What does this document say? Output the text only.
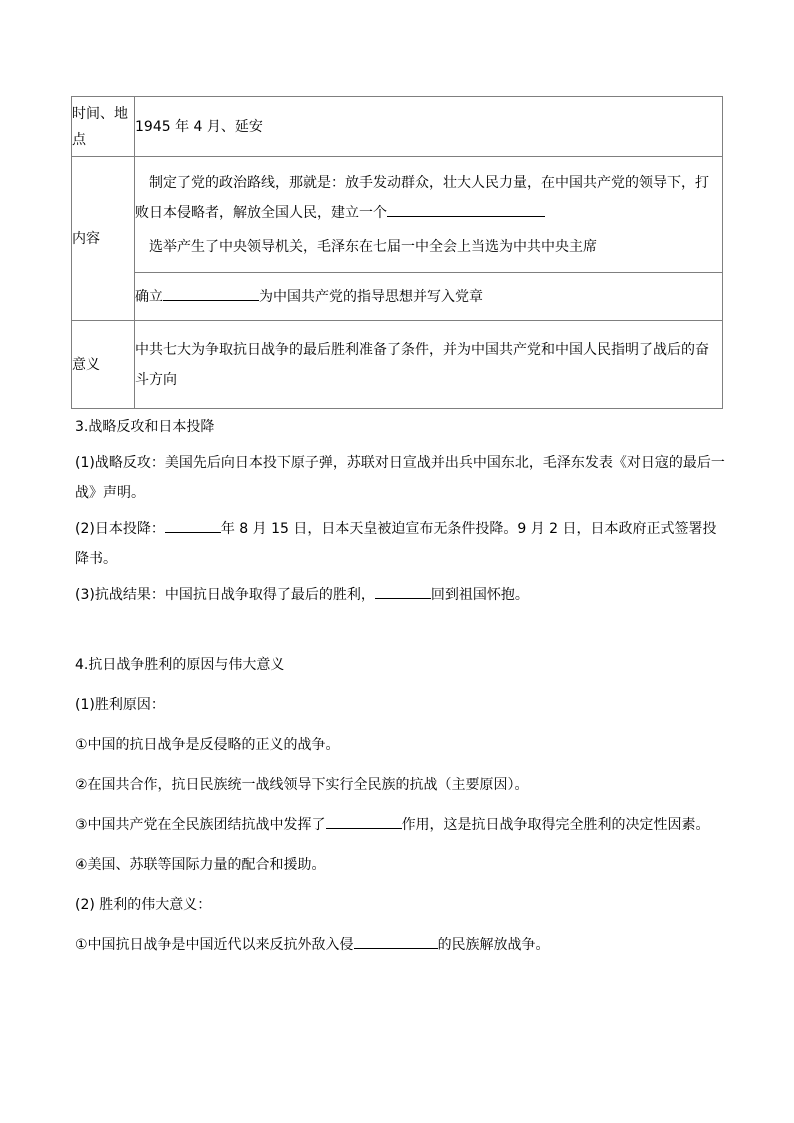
时间、地点	1945 年 4 月、延安
内容	制定了党的政治路线，那就是：放手发动群众，壮大人民力量，在中国共产党的领导下，打败日本侵略者，解放全国人民，建立一个
选举产生了中央领导机关，毛泽东在七届一中全会上当选为中共中央主席

	确立 为中国共产党的指导思想并写入党章
意义	中共七大为争取抗日战争的最后胜利准备了条件，并为中国共产党和中国人民指明了战后的奋斗方向

3.战略反攻和日本投降

(1)战略反攻：美国先后向日本投下原子弹，苏联对日宣战并出兵中国东北，毛泽东发表《对日寇的最后一战》声明。

(2)日本投降：	年 8 月 15 日，日本天皇被迫宣布无条件投降。9 月 2 日，日本政府正式签署投降书。

(3)抗战结果：中国抗日战争取得了最后的胜利，	回到祖国怀抱。

4.抗日战争胜利的原因与伟大意义

(1)胜利原因：

①中国的抗日战争是反侵略的正义的战争。

②在国共合作，抗日民族统一战线领导下实行全民族的抗战（主要原因）。

③中国共产党在全民族团结抗战中发挥了	作用，这是抗日战争取得完全胜利的决定性因素。

④美国、苏联等国际力量的配合和援助。

(2) 胜利的伟大意义：

①中国抗日战争是中国近代以来反抗外敌入侵	的民族解放战争。
